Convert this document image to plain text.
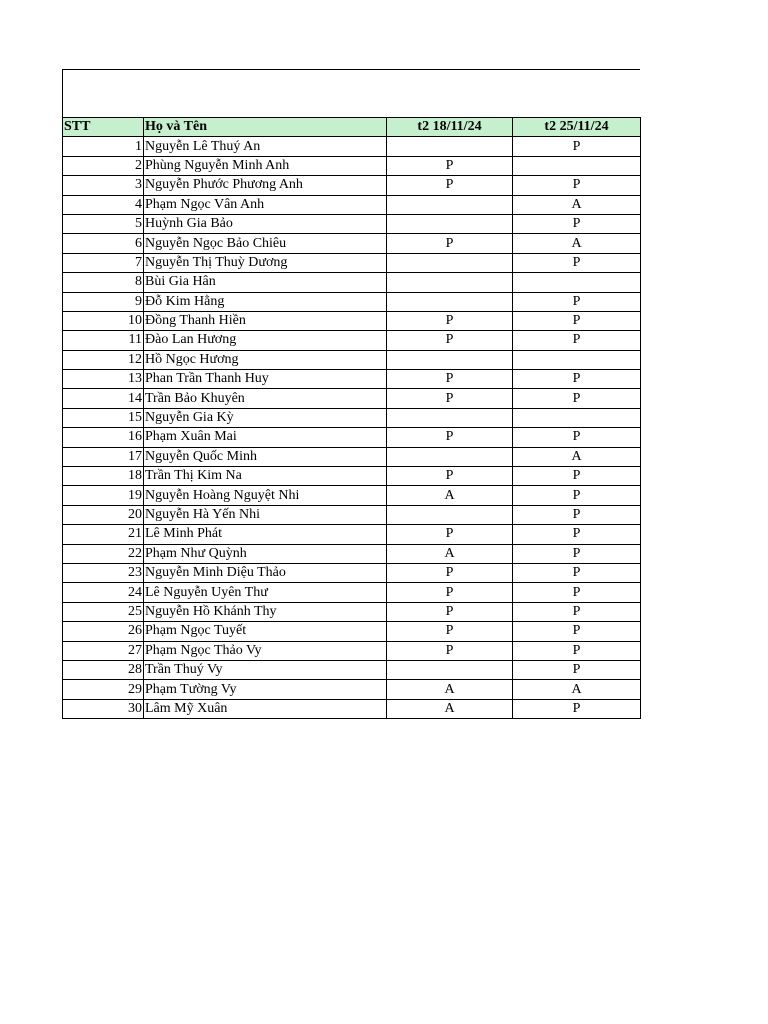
STT	Họ và Tên	t2 18/11/24	t2 25/11/24
1	Nguyễn Lê Thuý An		P
2	Phùng Nguyễn Minh Anh	P	
3	Nguyễn Phước Phương Anh	P	P
4	Phạm Ngọc Vân Anh		A
5	Huỳnh Gia Bảo		P
6	Nguyễn Ngọc Bảo Chiêu	P	A
7	Nguyễn Thị Thuỳ Dương		P
8	Bùi Gia Hân		
9	Đỗ Kim Hằng		P
10	Đồng Thanh Hiền	P	P
11	Đào Lan Hương	P	P
12	Hồ Ngọc Hương		
13	Phan Trần Thanh Huy	P	P
14	Trần Bảo Khuyên	P	P
15	Nguyễn Gia Kỳ		
16	Phạm Xuân Mai	P	P
17	Nguyễn Quốc Minh		A
18	Trần Thị Kim Na	P	P
19	Nguyễn Hoàng Nguyệt Nhi	A	P
20	Nguyễn Hà Yến Nhi		P
21	Lê Minh Phát	P	P
22	Phạm Như Quỳnh	A	P
23	Nguyễn Minh Diệu Thảo	P	P
24	Lê Nguyễn Uyên Thư	P	P
25	Nguyễn Hồ Khánh Thy	P	P
26	Phạm Ngọc Tuyết	P	P
27	Phạm Ngọc Thảo Vy	P	P
28	Trần Thuý Vy		P
29	Phạm Tường Vy	A	A
30	Lâm Mỹ Xuân	A	P
